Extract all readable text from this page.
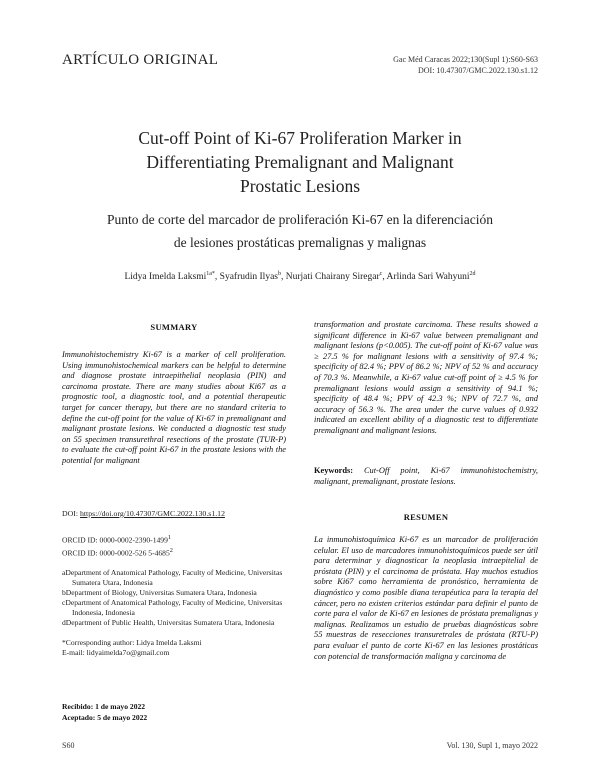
ARTÍCULO ORIGINAL	Gac Méd Caracas 2022;130(Supl 1):S60-S63
DOI: 10.47307/GMC.2022.130.s1.12
Cut-off Point of Ki-67 Proliferation Marker in
Differentiating Premalignant and Malignant
Prostatic Lesions
Punto de corte del marcador de proliferación Ki-67 en la diferenciación
de lesiones prostáticas premalignas y malignas
Lidya Imelda Laksmi$^{1a*}$, Syafrudin Ilyas$^b$, Nurjati Chairany Siregar$^c$, Arlinda Sari Wahyuni$^{2d}$
SUMMARY
Immunohistochemistry Ki-67 is a marker of cell proliferation. Using immunohistochemical markers can be helpful to determine and diagnose prostate intraepithelial neoplasia (PIN) and carcinoma prostate. There are many studies about Ki67 as a prognostic tool, a diagnostic tool, and a potential therapeutic target for cancer therapy, but there are no standard criteria to define the cut-off point for the value of Ki-67 in premalignant and malignant prostate lesions. We conducted a diagnostic test study on 55 specimen transurethral resections of the prostate (TUR-P) to evaluate the cut-off point Ki-67 in the prostate lesions with the potential for malignant
transformation and prostate carcinoma. These results showed a significant difference in Ki-67 value between premalignant and malignant lesions (p<0.005). The cut-off point of Ki-67 value was ≥ 27.5 % for malignant lesions with a sensitivity of 97.4 %; specificity of 82.4 %; PPV of 86.2 %; NPV of 52 % and accuracy of 70.3 %. Meanwhile, a Ki-67 value cut-off point of ≥ 4.5 % for premalignant lesions would assign a sensitivity of 94.1 %; specificity of 48.4 %; PPV of 42.3 %; NPV of 72.7 %, and accuracy of 56.3 %. The area under the curve values of 0.932 indicated an excellent ability of a diagnostic test to differentiate premalignant and malignant lesions.
Keywords: Cut-Off point, Ki-67 immunohistochemistry, malignant, premalignant, prostate lesions.
DOI: https://doi.org/10.47307/GMC.2022.130.s1.12	RESUMEN

ORCID ID: 0000-0002-2390-1499$^1$

ORCID ID: 0000-0002-526 5-4685$^2$

aDepartment of Anatomical Pathology, Faculty of Medicine, Universitas Sumatera Utara, Indonesia

bDepartment of Biology, Universitas Sumatera Utara, Indonesia

cDepartment of Anatomical Pathology, Faculty of Medicine, Universitas Indonesia, Indonesia

dDepartment of Public Health, Universitas Sumatera Utara, Indonesia

*Corresponding author: Lidya Imelda Laksmi

E-mail: lidyaimelda7o@gmail.com

Recibido: 1 de mayo 2022
Aceptado: 5 de mayo 2022
La inmunohistoquímica Ki-67 es un marcador de proliferación celular. El uso de marcadores inmunohistoquímicos puede ser útil para determinar y diagnosticar la neoplasia intraepitelial de próstata (PIN) y el carcinoma de próstata. Hay muchos estudios sobre Ki67 como herramienta de pronóstico, herramienta de diagnóstico y como posible diana terapéutica para la terapia del cáncer, pero no existen criterios estándar para definir el punto de corte para el valor de Ki-67 en lesiones de próstata premalignas y malignas. Realizamos un estudio de pruebas diagnósticas sobre 55 muestras de resecciones transuretrales de próstata (RTU-P) para evaluar el punto de corte Ki-67 en las lesiones prostáticas con potencial de transformación maligna y carcinoma de
S60	Vol. 130, Supl 1, mayo 2022
